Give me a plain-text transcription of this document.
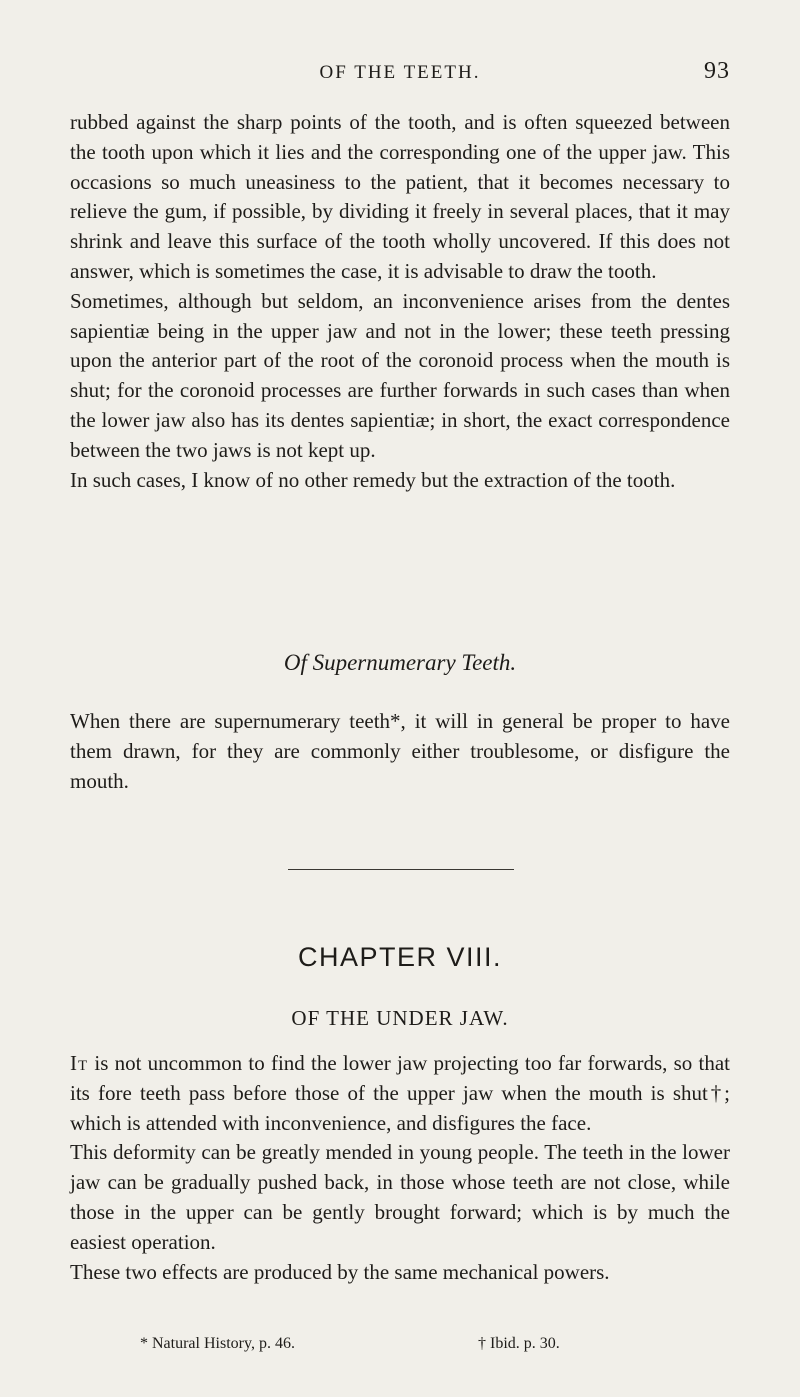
OF THE TEETH.	93

rubbed against the sharp points of the tooth, and is often squeezed between the tooth upon which it lies and the corresponding one of the upper jaw. This occasions so much uneasiness to the patient, that it becomes necessary to relieve the gum, if possible, by dividing it freely in several places, that it may shrink and leave this surface of the tooth wholly uncovered. If this does not answer, which is sometimes the case, it is advisable to draw the tooth.

Sometimes, although but seldom, an inconvenience arises from the dentes sapientiæ being in the upper jaw and not in the lower; these teeth pressing upon the anterior part of the root of the coronoid process when the mouth is shut; for the coronoid processes are further forwards in such cases than when the lower jaw also has its dentes sapientiæ; in short, the exact correspondence between the two jaws is not kept up.

In such cases, I know of no other remedy but the extraction of the tooth.

Of Supernumerary Teeth.

When there are supernumerary teeth*, it will in general be proper to have them drawn, for they are commonly either troublesome, or disfigure the mouth.

CHAPTER VIII.
OF THE UNDER JAW.

It is not uncommon to find the lower jaw projecting too far forwards, so that its fore teeth pass before those of the upper jaw when the mouth is shut†; which is attended with inconvenience, and disfigures the face.

This deformity can be greatly mended in young people. The teeth in the lower jaw can be gradually pushed back, in those whose teeth are not close, while those in the upper can be gently brought forward; which is by much the easiest operation.

These two effects are produced by the same mechanical powers.

* Natural History, p. 46.	† Ibid. p. 30.
